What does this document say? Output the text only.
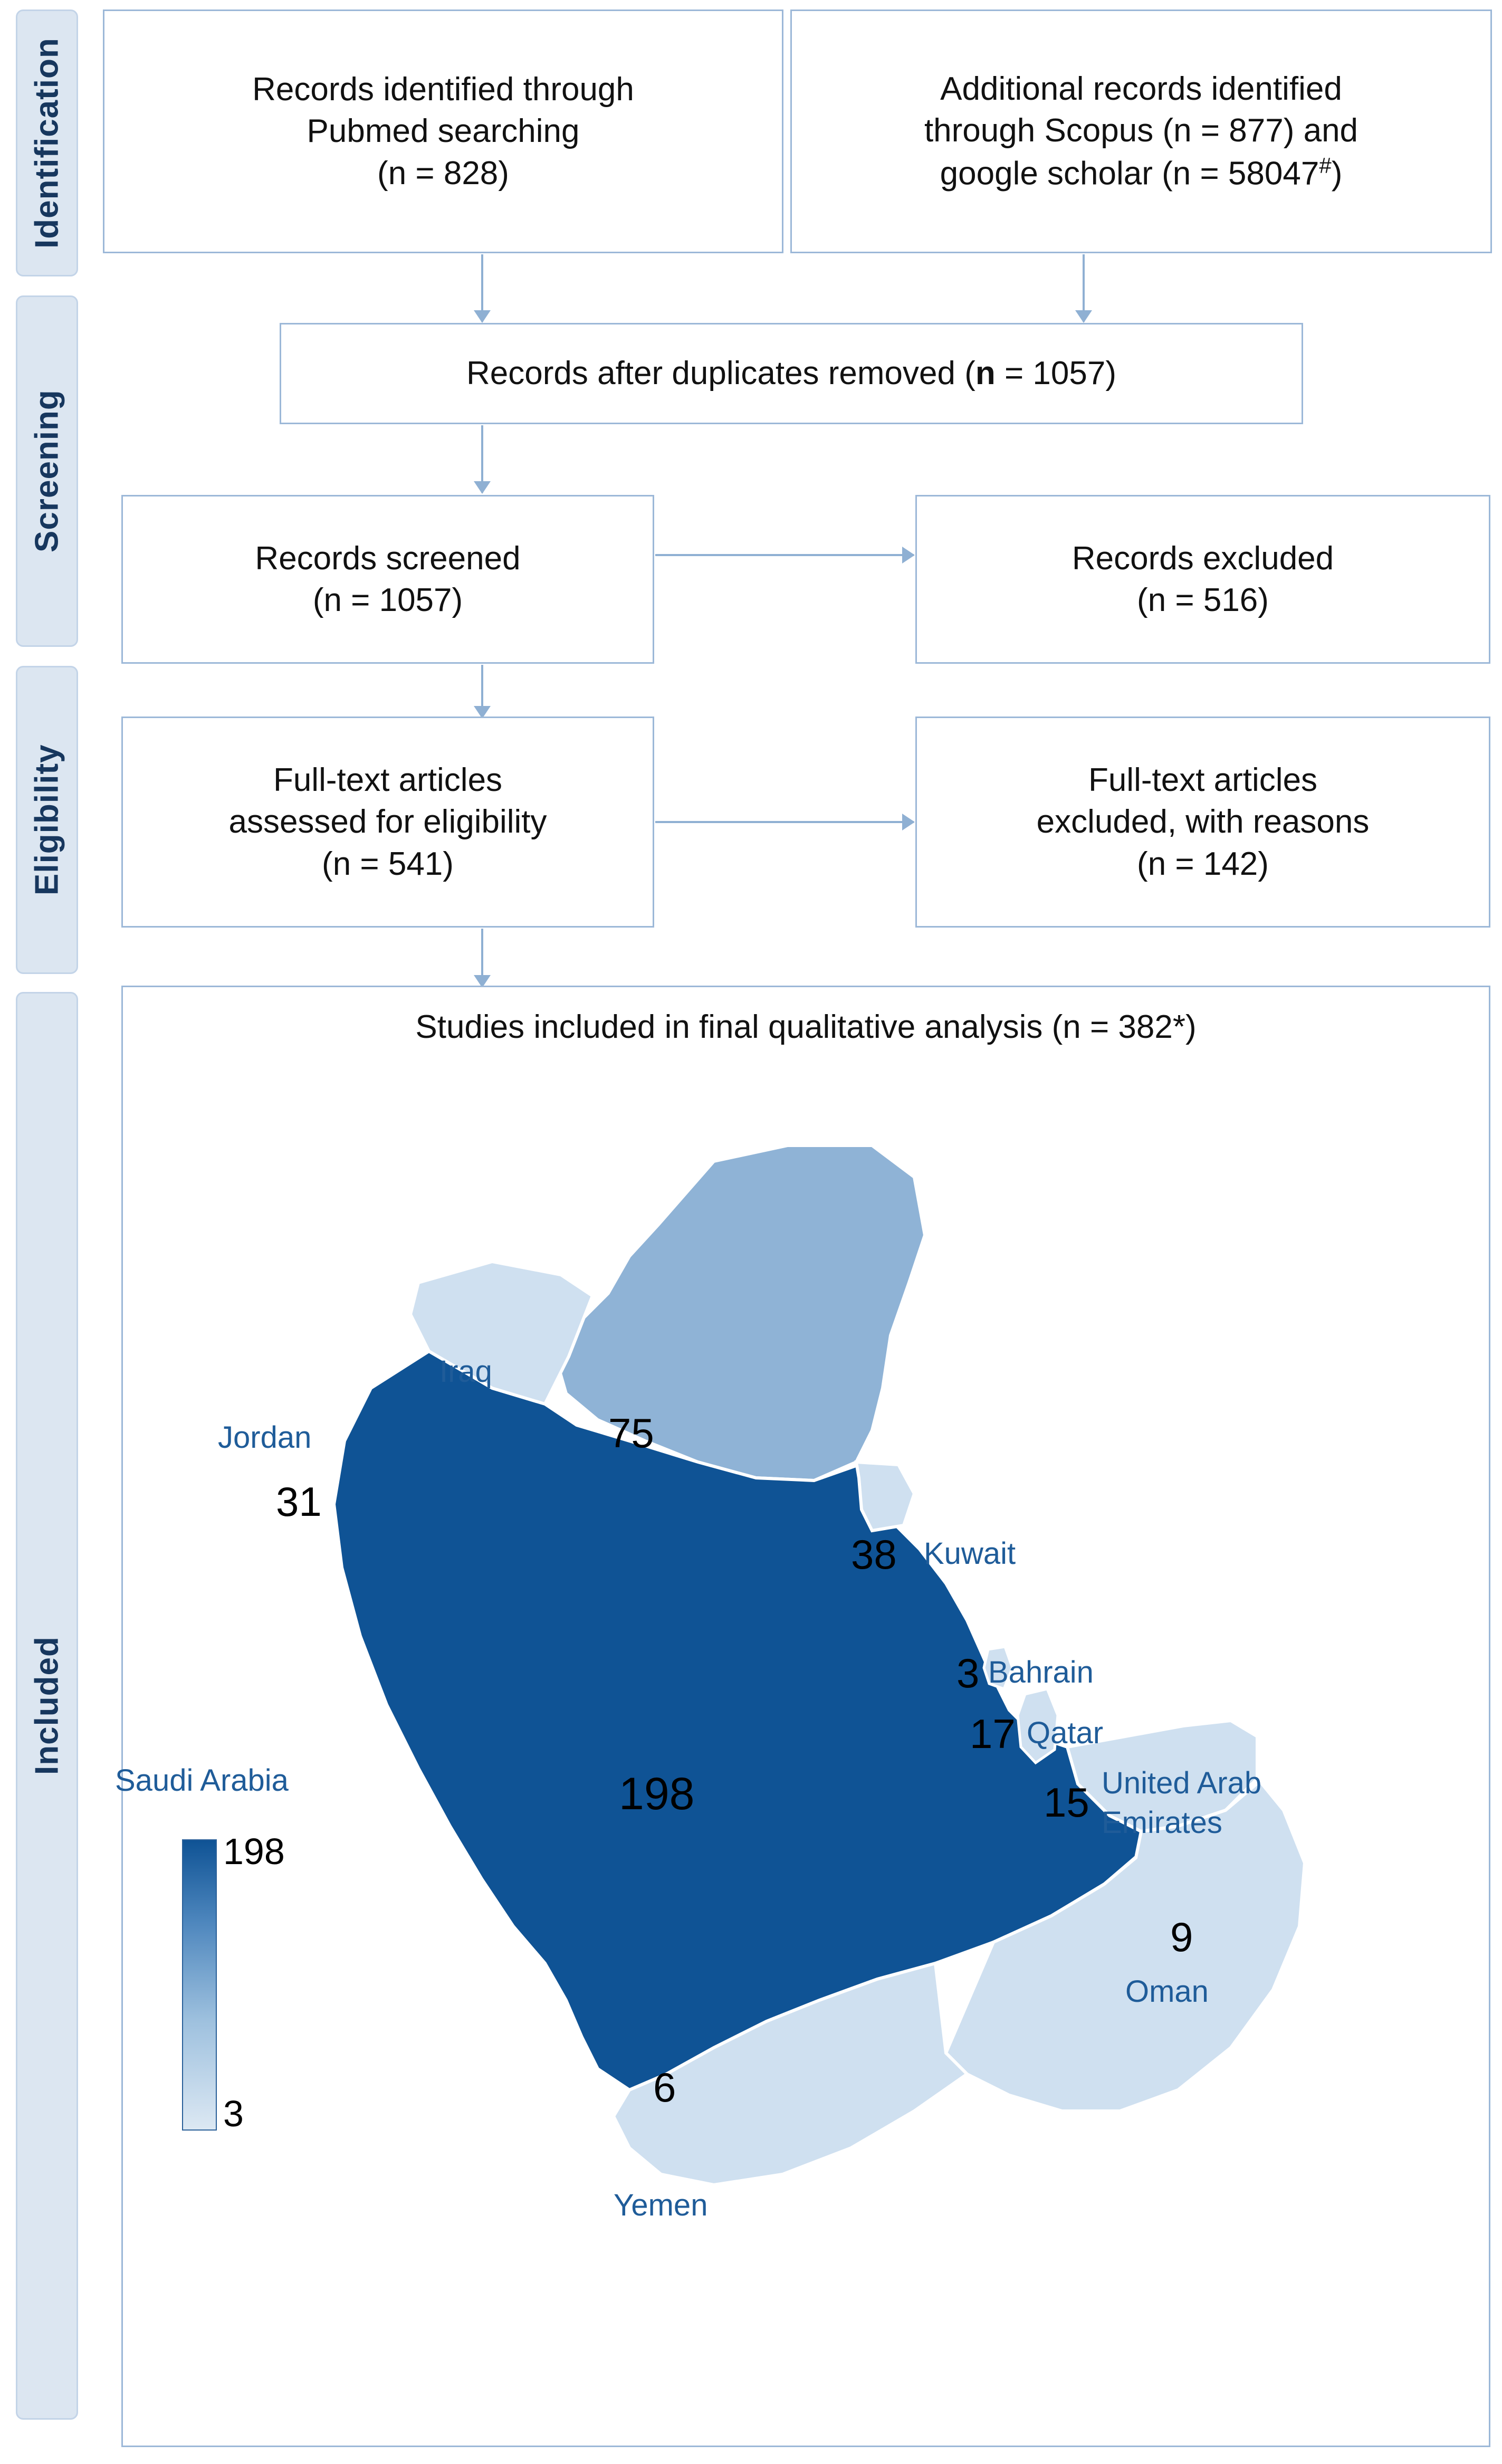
Identification
Screening
Eligibility
Included
Records identified through
Pubmed searching
(n = 828)
Additional records identified
through Scopus (n = 877) and
google scholar (n = 58047#)
Records after duplicates removed (n = 1057)
Records screened
(n = 1057)
Records excluded
(n = 516)
Full-text articles
assessed for eligibility
(n = 541)
Full-text articles
excluded, with reasons
(n = 142)
Studies included in final qualitative analysis (n = 382*)
Iraq
75
Jordan
31
38 Kuwait
3 Bahrain
17 Qatar
United Arab
Emirates
15
Saudi Arabia	198
9
Oman
6
Yemen
198
3
